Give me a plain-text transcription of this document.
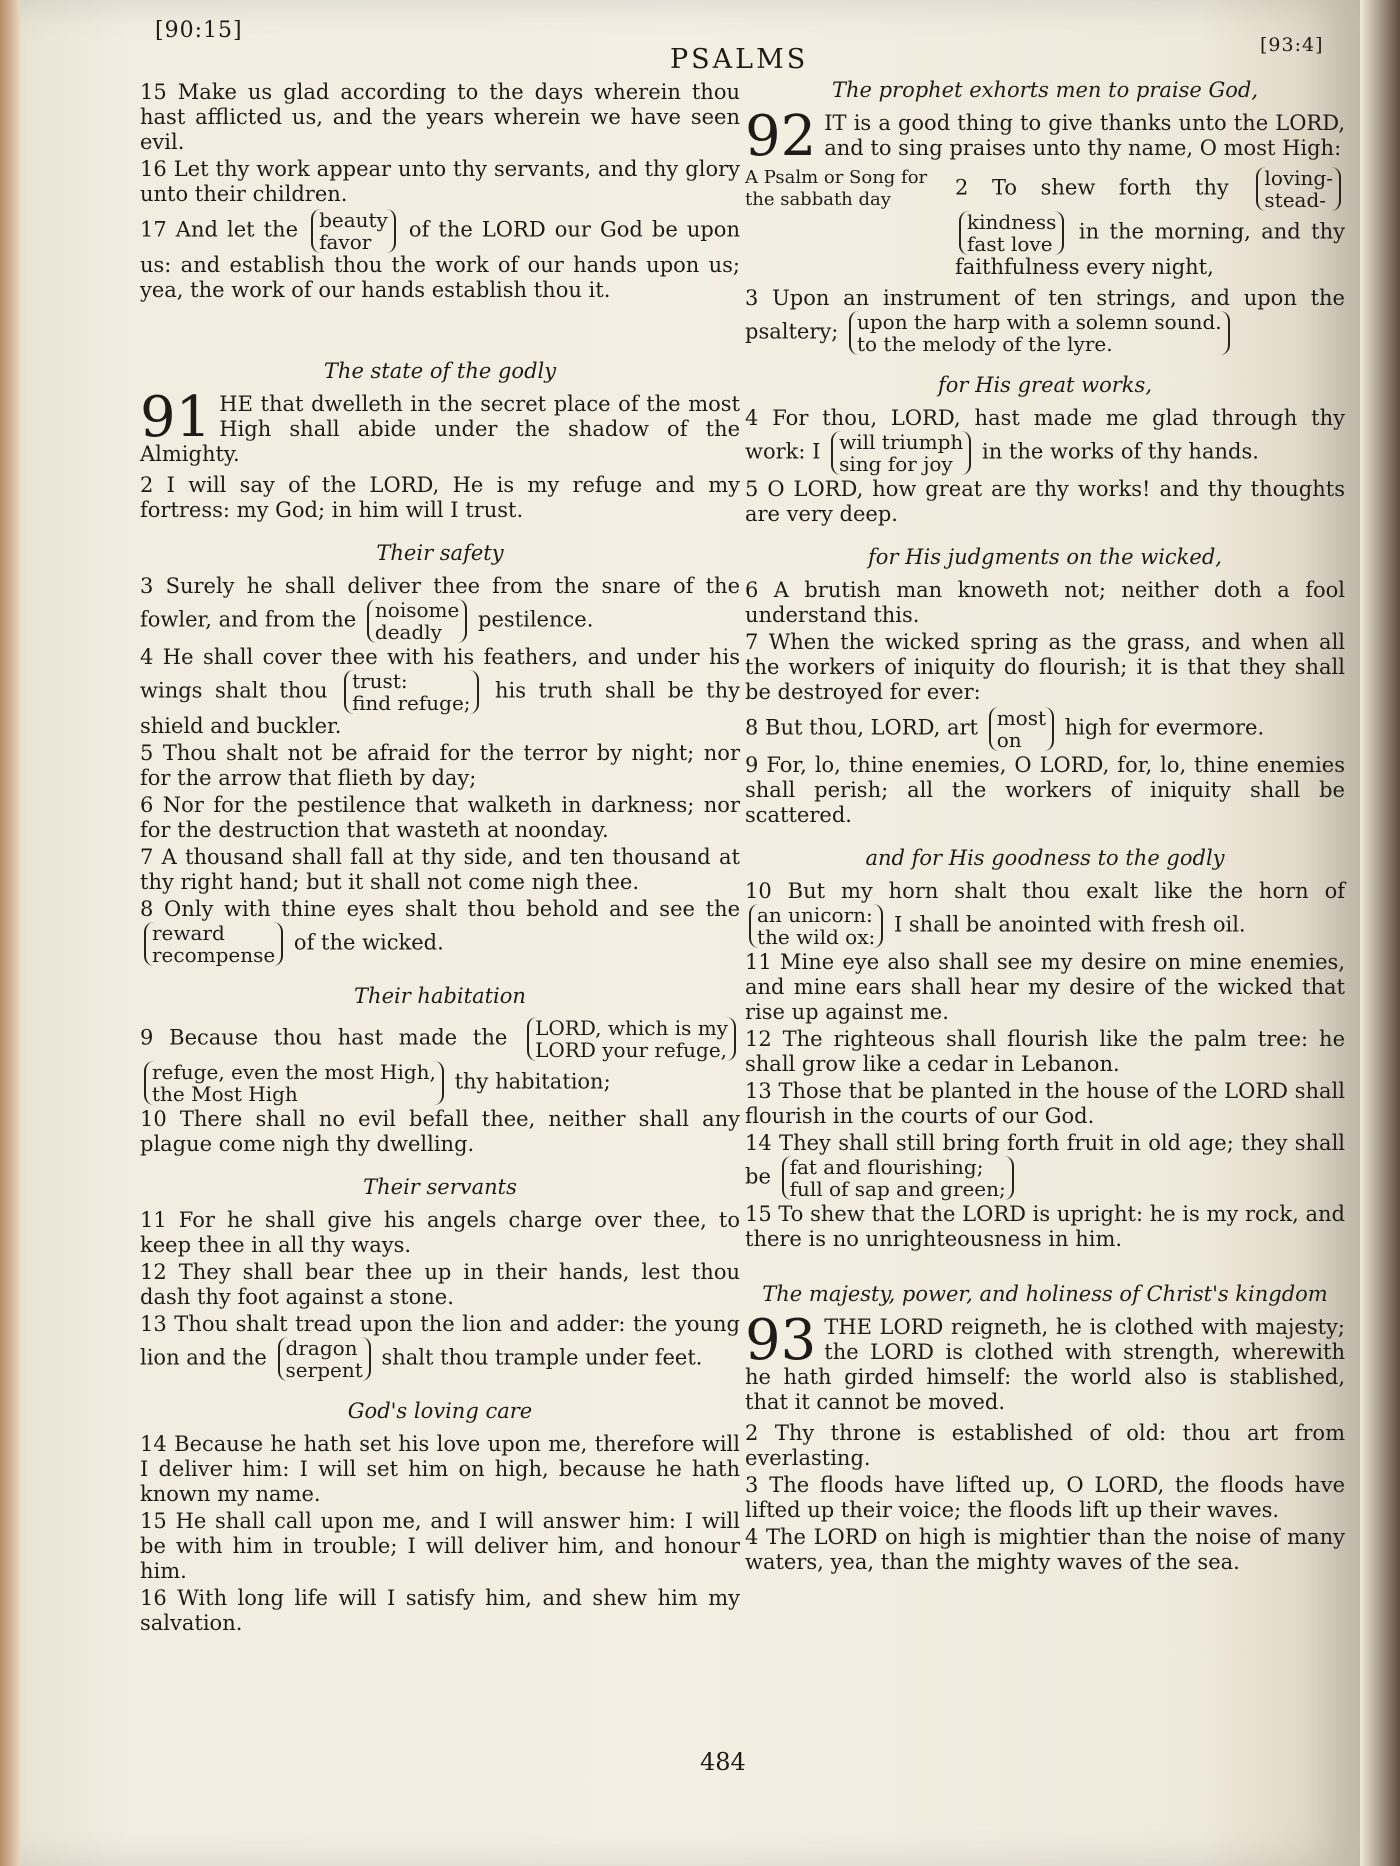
[90:15]
PSALMS	[93:4]

15 Make us glad according to the days wherein thou hast afflicted us, and the years wherein we have seen evil.

16 Let thy work appear unto thy servants, and thy glory unto their children.

17 And let the beauty
favor
of the LORD our God be upon us: and establish thou the work of our hands upon us; yea, the work of our hands establish thou it.

The state of the godly
91 HE that dwelleth in the secret place of the most High shall abide under the shadow of the Almighty.

2 I will say of the LORD, He is my refuge and my fortress: my God; in him will I trust.

Their safety

3 Surely he shall deliver thee from the snare of the fowler, and from the noisome
deadly
pestilence.

4 He shall cover thee with his feathers, and under his wings shalt thou trust:
find refuge;
his truth shall be thy shield and buckler.

5 Thou shalt not be afraid for the terror by night; nor for the arrow that flieth by day;

6 Nor for the pestilence that walketh in darkness; nor for the destruction that wasteth at noonday.

7 A thousand shall fall at thy side, and ten thousand at thy right hand; but it shall not come nigh thee.

8 Only with thine eyes shalt thou behold and see the
reward
recompense
of the wicked.

Their habitation

9 Because thou hast made the LORD, which is my
LORD your refuge,

refuge, even the most High,
the Most High
thy habitation;

10 There shall no evil befall thee, neither shall any plague come nigh thy dwelling.

Their servants

11 For he shall give his angels charge over thee, to keep thee in all thy ways.

12 They shall bear thee up in their hands, lest thou dash thy foot against a stone.

13 Thou shalt tread upon the lion and adder: the young lion and the dragon
serpent
shalt thou trample under feet.

God's loving care

14 Because he hath set his love upon me, therefore will I deliver him: I will set him on high, because he hath known my name.

15 He shall call upon me, and I will answer him: I will be with him in trouble; I will deliver him, and honour him.

16 With long life will I satisfy him, and shew him my salvation.

The prophet exhorts men to praise God,
92 IT is a good thing to give thanks unto the LORD, and to sing praises unto thy name, O most High:

A Psalm or Song for the sabbath day	2 To shew forth thy loving-
stead-

kindness
fast love
in the morning, and thy faithfulness every night,

3 Upon an instrument of ten strings, and upon the psaltery; upon the harp with a solemn sound.
to the melody of the lyre.

for His great works,

4 For thou, LORD, hast made me glad through thy work: I will triumph
sing for joy
in the works of thy hands.

5 O LORD, how great are thy works! and thy thoughts are very deep.

for His judgments on the wicked,

6 A brutish man knoweth not; neither doth a fool understand this.

7 When the wicked spring as the grass, and when all the workers of iniquity do flourish; it is that they shall be destroyed for ever:

8 But thou, LORD, art most
on
high for evermore.

9 For, lo, thine enemies, O LORD, for, lo, thine enemies shall perish; all the workers of iniquity shall be scattered.

and for His goodness to the godly

10 But my horn shalt thou exalt like the horn of
an unicorn:
the wild ox:
I shall be anointed with fresh oil.

11 Mine eye also shall see my desire on mine enemies, and mine ears shall hear my desire of the wicked that rise up against me.

12 The righteous shall flourish like the palm tree: he shall grow like a cedar in Lebanon.

13 Those that be planted in the house of the LORD shall flourish in the courts of our God.

14 They shall still bring forth fruit in old age; they shall be fat and flourishing;
full of sap and green;

15 To shew that the LORD is upright: he is my rock, and there is no unrighteousness in him.

The majesty, power, and holiness of Christ's kingdom
93 THE LORD reigneth, he is clothed with majesty; the LORD is clothed with strength, wherewith he hath girded himself: the world also is stablished, that it cannot be moved.

2 Thy throne is established of old: thou art from everlasting.

3 The floods have lifted up, O LORD, the floods have lifted up their voice; the floods lift up their waves.

4 The LORD on high is mightier than the noise of many waters, yea, than the mighty waves of the sea.

484
